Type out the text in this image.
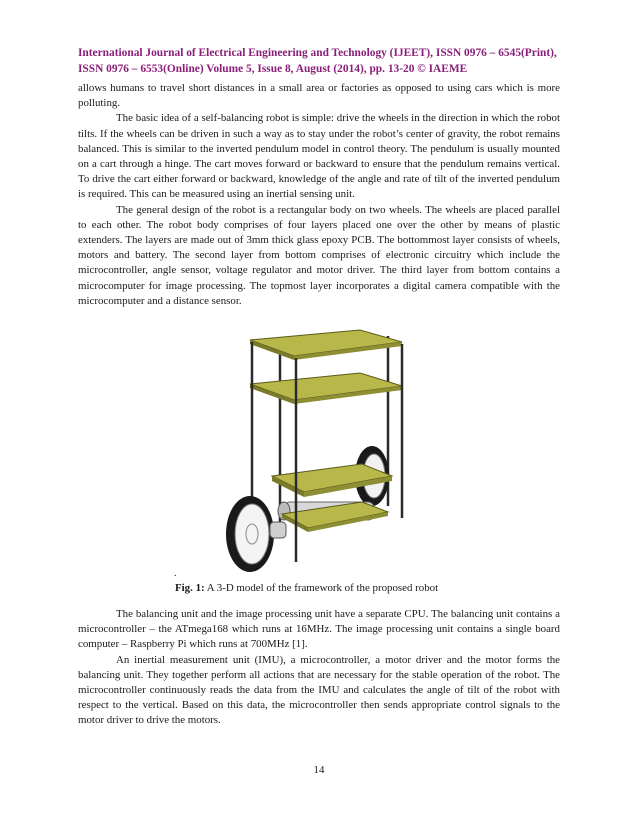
International Journal of Electrical Engineering and Technology (IJEET), ISSN 0976 – 6545(Print),
ISSN 0976 – 6553(Online) Volume 5, Issue 8, August (2014), pp. 13-20 © IAEME

allows humans to travel short distances in a small area or factories as opposed to using cars which is more polluting.

The basic idea of a self-balancing robot is simple: drive the wheels in the direction in which the robot tilts. If the wheels can be driven in such a way as to stay under the robot’s center of gravity, the robot remains balanced. This is similar to the inverted pendulum model in control theory. The pendulum is usually mounted on a cart through a hinge. The cart moves forward or backward to ensure that the pendulum remains vertical. To drive the cart either forward or backward, knowledge of the angle and rate of tilt of the inverted pendulum is required. This can be measured using an inertial sensing unit.

The general design of the robot is a rectangular body on two wheels. The wheels are placed parallel to each other. The robot body comprises of four layers placed one over the other by means of plastic extenders. The layers are made out of 3mm thick glass epoxy PCB. The bottommost layer consists of wheels, motors and battery. The second layer from bottom comprises of electronic circuitry which include the microcontroller, angle sensor, voltage regulator and motor driver. The third layer from bottom contains a microcomputer for image processing. The topmost layer incorporates a digital camera compatible with the microcomputer and a distance sensor.

.
Fig. 1: A 3-D model of the framework of the proposed robot

The balancing unit and the image processing unit have a separate CPU. The balancing unit contains a microcontroller – the ATmega168 which runs at 16MHz. The image processing unit contains a single board computer – Raspberry Pi which runs at 700MHz [1].

An inertial measurement unit (IMU), a microcontroller, a motor driver and the motor forms the balancing unit. They together perform all actions that are necessary for the stable operation of the robot. The microcontroller continuously reads the data from the IMU and calculates the angle of tilt of the robot with respect to the vertical. Based on this data, the microcontroller then sends appropriate control signals to the motor driver to drive the motors.

14
